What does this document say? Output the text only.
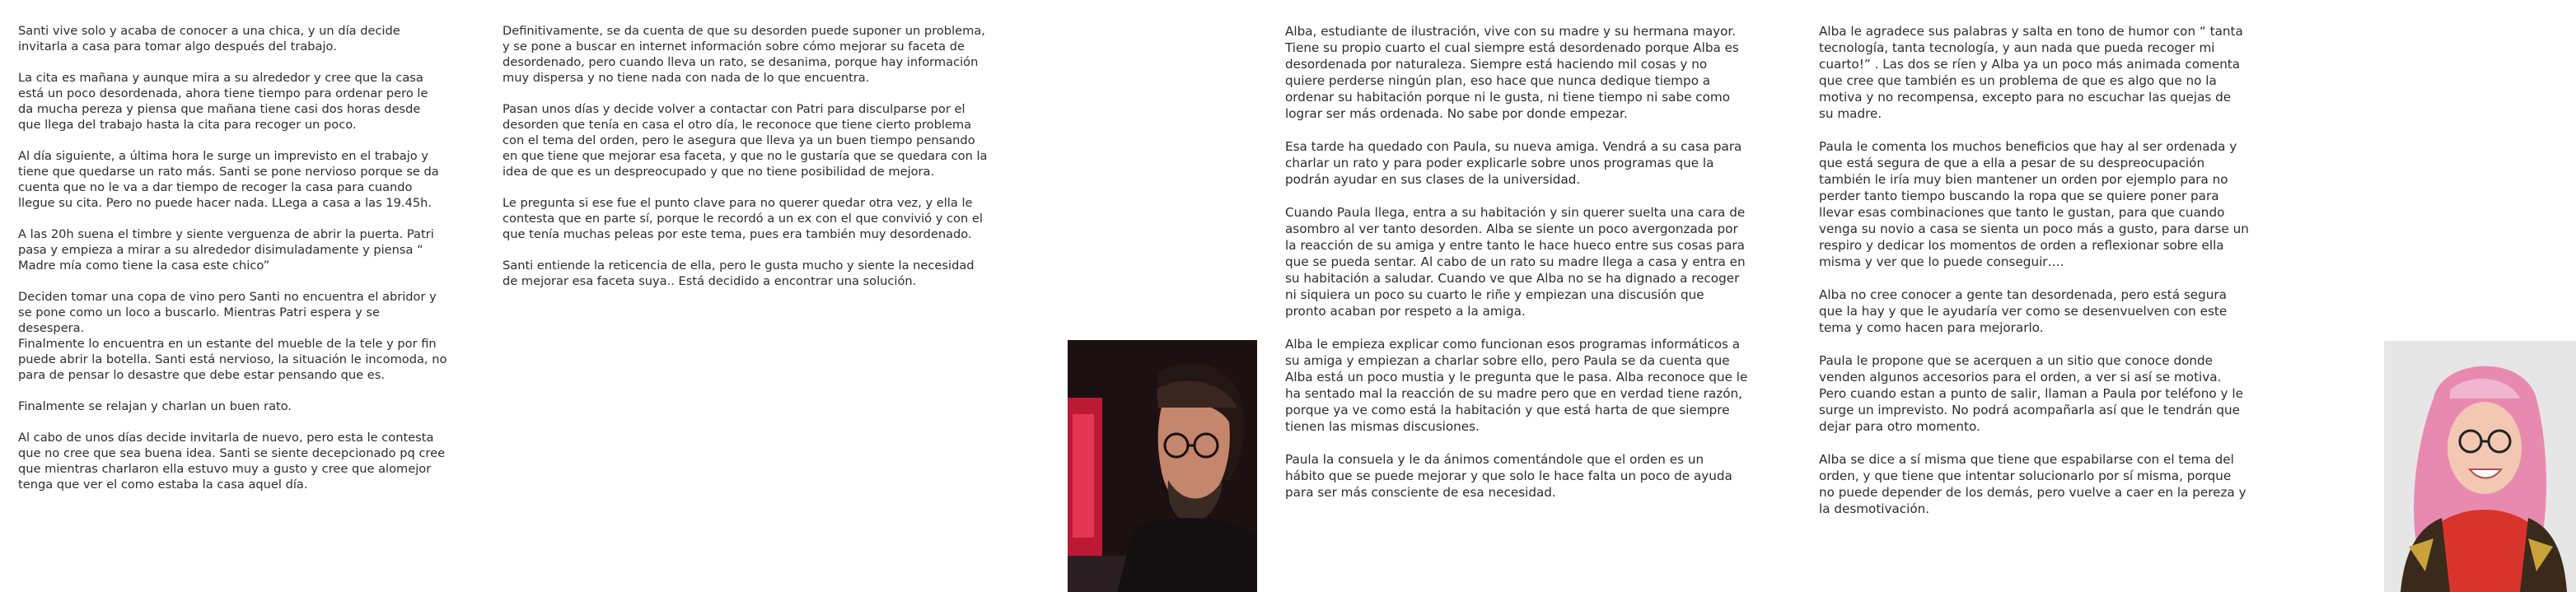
Santi vive solo y acaba de conocer a una chica, y un día decide
invitarla a casa para tomar algo después del trabajo.

La cita es mañana y aunque mira a su alrededor y cree que la casa
está un poco desordenada, ahora tiene tiempo para ordenar pero le
da mucha pereza y piensa que mañana tiene casi dos horas desde
que llega del trabajo hasta la cita para recoger un poco.

Al día siguiente, a última hora le surge un imprevisto en el trabajo y
tiene que quedarse un rato más. Santi se pone nervioso porque se da
cuenta que no le va a dar tiempo de recoger la casa para cuando
llegue su cita. Pero no puede hacer nada. LLega a casa a las 19.45h.

A las 20h suena el timbre y siente verguenza de abrir la puerta. Patri
pasa y empieza a mirar a su alrededor disimuladamente y piensa “
Madre mía como tiene la casa este chico”

Deciden tomar una copa de vino pero Santi no encuentra el abridor y
se pone como un loco a buscarlo. Mientras Patri espera y se
desespera.

Finalmente lo encuentra en un estante del mueble de la tele y por fin
puede abrir la botella. Santi está nervioso, la situación le incomoda, no
para de pensar lo desastre que debe estar pensando que es.

Finalmente se relajan y charlan un buen rato.

Al cabo de unos días decide invitarla de nuevo, pero esta le contesta
que no cree que sea buena idea. Santi se siente decepcionado pq cree
que mientras charlaron ella estuvo muy a gusto y cree que alomejor
tenga que ver el como estaba la casa aquel día.

Definitivamente, se da cuenta de que su desorden puede suponer un problema,
y se pone a buscar en internet información sobre cómo mejorar su faceta de
desordenado, pero cuando lleva un rato, se desanima, porque hay información
muy dispersa y no tiene nada con nada de lo que encuentra.

Pasan unos días y decide volver a contactar con Patri para disculparse por el
desorden que tenía en casa el otro día, le reconoce que tiene cierto problema
con el tema del orden, pero le asegura que lleva ya un buen tiempo pensando
en que tiene que mejorar esa faceta, y que no le gustaría que se quedara con la
idea de que es un despreocupado y que no tiene posibilidad de mejora.

Le pregunta si ese fue el punto clave para no querer quedar otra vez, y ella le
contesta que en parte sí, porque le recordó a un ex con el que convivió y con el
que tenía muchas peleas por este tema, pues era también muy desordenado.

Santi entiende la reticencia de ella, pero le gusta mucho y siente la necesidad
de mejorar esa faceta suya.. Está decidido a encontrar una solución.

Alba, estudiante de ilustración, vive con su madre y su hermana mayor.
Tiene su propio cuarto el cual siempre está desordenado porque Alba es
desordenada por naturaleza. Siempre está haciendo mil cosas y no
quiere perderse ningún plan, eso hace que nunca dedique tiempo a
ordenar su habitación porque ni le gusta, ni tiene tiempo ni sabe como
lograr ser más ordenada. No sabe por donde empezar.

Esa tarde ha quedado con Paula, su nueva amiga. Vendrá a su casa para
charlar un rato y para poder explicarle sobre unos programas que la
podrán ayudar en sus clases de la universidad.

Cuando Paula llega, entra a su habitación y sin querer suelta una cara de
asombro al ver tanto desorden. Alba se siente un poco avergonzada por
la reacción de su amiga y entre tanto le hace hueco entre sus cosas para
que se pueda sentar. Al cabo de un rato su madre llega a casa y entra en
su habitación a saludar. Cuando ve que Alba no se ha dignado a recoger
ni siquiera un poco su cuarto le riñe y empiezan una discusión que
pronto acaban por respeto a la amiga.

Alba le empieza explicar como funcionan esos programas informáticos a
su amiga y empiezan a charlar sobre ello, pero Paula se da cuenta que
Alba está un poco mustia y le pregunta que le pasa. Alba reconoce que le
ha sentado mal la reacción de su madre pero que en verdad tiene razón,
porque ya ve como está la habitación y que está harta de que siempre
tienen las mismas discusiones.

Paula la consuela y le da ánimos comentándole que el orden es un
hábito que se puede mejorar y que solo le hace falta un poco de ayuda
para ser más consciente de esa necesidad.

Alba le agradece sus palabras y salta en tono de humor con “ tanta
tecnología, tanta tecnología, y aun nada que pueda recoger mi
cuarto!” . Las dos se ríen y Alba ya un poco más animada comenta
que cree que también es un problema de que es algo que no la
motiva y no recompensa, excepto para no escuchar las quejas de
su madre.

Paula le comenta los muchos beneficios que hay al ser ordenada y
que está segura de que a ella a pesar de su despreocupación
también le iría muy bien mantener un orden por ejemplo para no
perder tanto tiempo buscando la ropa que se quiere poner para
llevar esas combinaciones que tanto le gustan, para que cuando
venga su novio a casa se sienta un poco más a gusto, para darse un
respiro y dedicar los momentos de orden a reflexionar sobre ella
misma y ver que lo puede conseguir….

Alba no cree conocer a gente tan desordenada, pero está segura
que la hay y que le ayudaría ver como se desenvuelven con este
tema y como hacen para mejorarlo.

Paula le propone que se acerquen a un sitio que conoce donde
venden algunos accesorios para el orden, a ver si así se motiva.
Pero cuando estan a punto de salir, llaman a Paula por teléfono y le
surge un imprevisto. No podrá acompañarla así que le tendrán que
dejar para otro momento.

Alba se dice a sí misma que tiene que espabilarse con el tema del
orden, y que tiene que intentar solucionarlo por sí misma, porque
no puede depender de los demás, pero vuelve a caer en la pereza y
la desmotivación.
